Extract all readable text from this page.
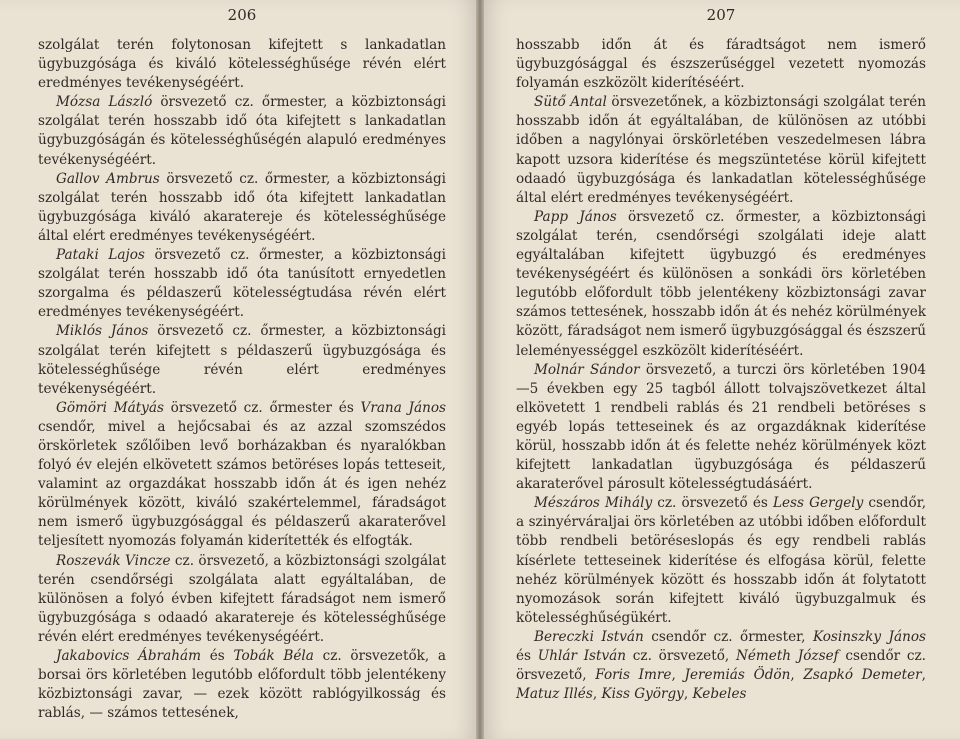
206

szolgálat terén folytonosan kifejtett s lankadatlan ügybuzgósága és kiváló kötelességhűsége révén elért eredményes tevékenységéért.

Mózsa László örsvezető cz. őrmester, a közbiztonsági szolgálat terén hosszabb idő óta kifejtett s lankadatlan ügybuzgóságán és kötelességhűségén alapuló eredményes tevékenységéért.

Gallov Ambrus örsvezető cz. őrmester, a közbiztonsági szolgálat terén hosszabb idő óta kifejtett lankadatlan ügybuzgósága kiváló akaratereje és kötelességhűsége által elért eredményes tevékenységéért.

Pataki Lajos örsvezető cz. őrmester, a közbiztonsági szolgálat terén hosszabb idő óta tanúsított ernyedetlen szorgalma és példaszerű kötelességtudása révén elért eredményes tevékenységéért.

Miklós János örsvezető cz. őrmester, a közbiztonsági szolgálat terén kifejtett s példaszerű ügybuzgósága és kötelességhűsége révén elért eredményes tevékenységéért.

Gömöri Mátyás örsvezető cz. őrmester és Vrana János csendőr, mivel a hejőcsabai és az azzal szomszédos örskörletek szőlőiben levő borházakban és nyaralókban folyó év elején elkövetett számos betöréses lopás tetteseit, valamint az orgazdákat hosszabb időn át és igen nehéz körülmények között, kiváló szakértelemmel, fáradságot nem ismerő ügybuzgósággal és példaszerű akaraterővel teljesített nyomozás folyamán kiderítették és elfogták.

Roszevák Vincze cz. örsvezető, a közbiztonsági szolgálat terén csendőrségi szolgálata alatt egyáltalában, de különösen a folyó évben kifejtett fáradságot nem ismerő ügybuzgósága s odaadó akaratereje és kötelességhűsége révén elért eredményes tevékenységéért.

Jakabovics Ábrahám és Tobák Béla cz. örsvezetők, a borsai örs körletében legutóbb előfordult több jelentékeny közbiztonsági zavar, — ezek között rablógyilkosság és rablás, — számos tettesének,

207

hosszabb időn át és fáradtságot nem ismerő ügybuzgósággal és észszerűséggel vezetett nyomozás folyamán eszközölt kiderítéséért.

Sütő Antal örsvezetőnek, a közbiztonsági szolgálat terén hosszabb időn át egyáltalában, de különösen az utóbbi időben a nagylónyai örskörletében veszedelmesen lábra kapott uzsora kiderítése és megszüntetése körül kifejtett odaadó ügybuzgósága és lankadatlan kötelességhűsége által elért eredményes tevékenységéért.

Papp János örsvezető cz. őrmester, a közbiztonsági szolgálat terén, csendőrségi szolgálati ideje alatt egyáltalában kifejtett ügybuzgó és eredményes tevékenységéért és különösen a sonkádi örs körletében legutóbb előfordult több jelentékeny közbiztonsági zavar számos tettesének, hosszabb időn át és nehéz körülmények között, fáradságot nem ismerő ügybuzgósággal és észszerű leleményességgel eszközölt kiderítéséért.

Molnár Sándor örsvezető, a turczi örs körletében 1904—5 években egy 25 tagból állott tolvajszövetkezet által elkövetett 1 rendbeli rablás és 21 rendbeli betöréses s egyéb lopás tetteseinek és az orgazdáknak kiderítése körül, hosszabb időn át és felette nehéz körülmények közt kifejtett lankadatlan ügybuzgósága és példaszerű akaraterővel párosult kötelességtudásáért.

Mészáros Mihály cz. örsvezető és Less Gergely csendőr, a szinyérváraljai örs körletében az utóbbi időben előfordult több rendbeli betöréseslopás és egy rendbeli rablás kísérlete tetteseinek kiderítése és elfogása körül, felette nehéz körülmények között és hosszabb időn át folytatott nyomozások során kifejtett kiváló ügybuzgalmuk és kötelességhűségükért.

Bereczki István csendőr cz. őrmester, Kosinszky János és Uhlár István cz. örsvezető, Németh József csendőr cz. örsvezető, Foris Imre, Jeremiás Ödön, Zsapkó Demeter, Matuz Illés, Kiss György, Kebeles
